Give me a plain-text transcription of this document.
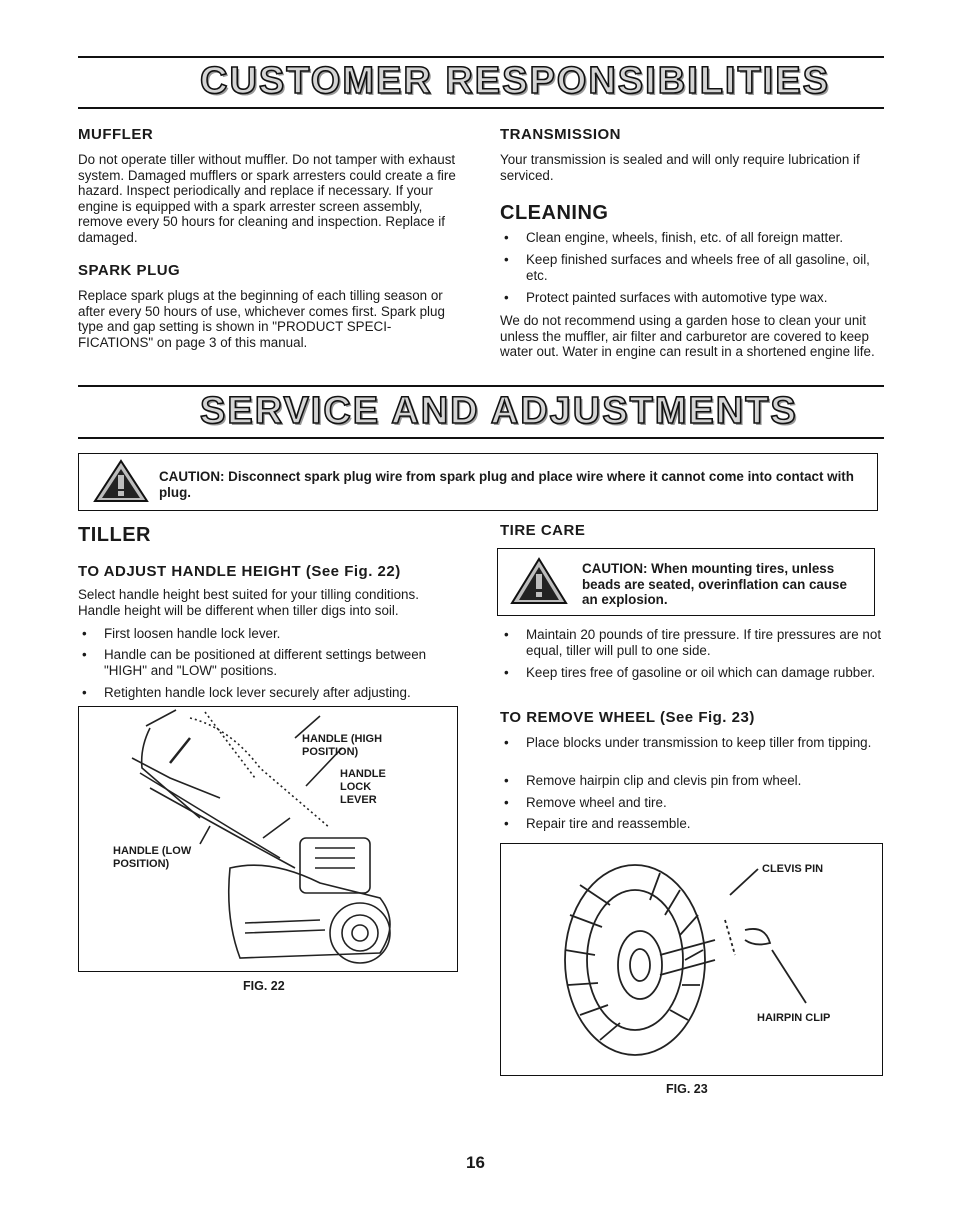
CUSTOMER RESPONSIBILITIES
MUFFLER
Do not operate tiller without muffler. Do not tamper with exhaust system. Damaged mufflers or spark arresters could create a fire hazard. Inspect periodically and replace if necessary. If your engine is equipped with a spark arrester screen assembly, remove every 50 hours for cleaning and inspection. Replace if damaged.
SPARK PLUG
Replace spark plugs at the beginning of each tilling season or after every 50 hours of use, whichever comes first. Spark plug type and gap setting is shown in "PRODUCT SPECI-FICATIONS" on page 3 of this manual.
TRANSMISSION
Your transmission is sealed and will only require lubrication if serviced.
CLEANING
• Clean engine, wheels, finish, etc. of all foreign matter.
• Keep finished surfaces and wheels free of all gasoline, oil, etc.
• Protect painted surfaces with automotive type wax.
We do not recommend using a garden hose to clean your unit unless the muffler, air filter and carburetor are covered to keep water out. Water in engine can result in a shortened engine life.
SERVICE AND ADJUSTMENTS
CAUTION: Disconnect spark plug wire from spark plug and place wire where it cannot come into contact with plug.
TILLER
TO ADJUST HANDLE HEIGHT (See Fig. 22)
Select handle height best suited for your tilling conditions. Handle height will be different when tiller digs into soil.
• First loosen handle lock lever.
• Handle can be positioned at different settings between "HIGH" and "LOW" positions.
• Retighten handle lock lever securely after adjusting.
HANDLE (HIGH POSITION)
HANDLE LOCK LEVER
HANDLE (LOW POSITION)
FIG. 22
TIRE CARE
CAUTION: When mounting tires, unless beads are seated, overinflation can cause an explosion.
• Maintain 20 pounds of tire pressure. If tire pressures are not equal, tiller will pull to one side.
• Keep tires free of gasoline or oil which can damage rubber.
TO REMOVE WHEEL (See Fig. 23)
• Place blocks under transmission to keep tiller from tipping.
• Remove hairpin clip and clevis pin from wheel.
• Remove wheel and tire.
• Repair tire and reassemble.
CLEVIS PIN
HAIRPIN CLIP
FIG. 23
16
